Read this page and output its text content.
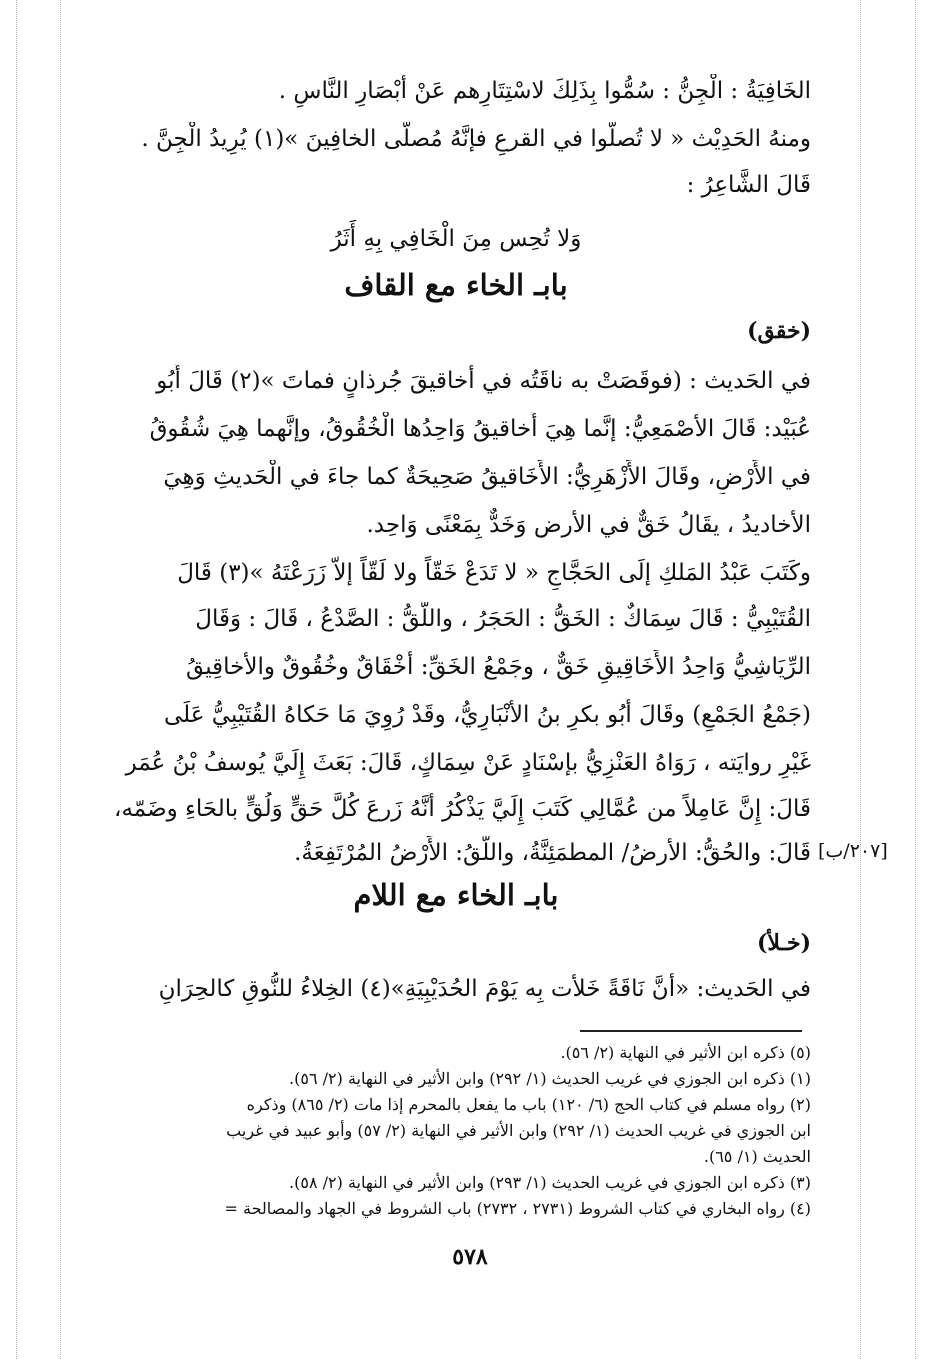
الخَافِيَةُ : الْجِنُّ : سُمُّوا بِذَلِكَ لاسْتِتَارِهم عَنْ أَبْصَارِ النَّاسِ .
ومنهُ الحَدِيْث « لا تُصلُّوا في القرعِ فإنَّهُ مُصلَّى الخافِينَ »(١) يُرِيدُ الْجِنَّ .
قَالَ الشَّاعِرُ :
وَلا تُحِس مِنَ الْخَافِي بِهِ أَثَرُ
بابـ الخاء مع القاف
(خقق)
في الحَديث : (فوقَصَتْ به ناقَتُه في أخاقيقَ جُرذانٍ فماتَ »(٢) قَالَ أَبُو
عُبَيْد: قَالَ الأصْمَعِيُّ: إنَّما هِيَ أَخاقيقُ وَاحِدُها الْخُقُوقُ، وإنَّهما هِيَ شُقُوقُ
في الأَرْضِ، وقَالَ الأَزْهَرِيُّ: الأَخَاقيقُ صَحِيحَةٌ كما جاءَ في الْحَديثِ وَهِيَ
الأخاديدُ ، يقَالُ خَقٌّ في الأرض وَخَدٌّ بِمَعْنًى وَاحِد.
وكَتَبَ عَبْدُ المَلكِ إلَى الحَجَّاجِ « لا تَدَعْ خَقّاً ولا لَقّاً إلاّ زَرَعْتَهُ »(٣) قَالَ
القُتَيْبِيُّ : قَالَ سِمَاكٌ : الخَقُّ : الحَجَرُ ، واللَّقُّ : الصَّدْعُ ، قَالَ : وَقَالَ
الرِّيَاشِيُّ وَاحِدُ الأَخَاقِيقِ خَقٌّ ، وجَمْعُ الخَقِّ: أَخْقَاقٌ وخُقُوقٌ والأخاقِيقُ
(جَمْعُ الجَمْعِ) وقَالَ أَبُو بكرِ بنُ الأنْبَارِيُّ، وقَدْ رُوِيَ مَا حَكاهُ القُتَيْبِيُّ عَلَى
غَيْرِ روايَته ، رَوَاهُ العَنْزِيُّ بإسْنَادٍ عَنْ سِمَاكٍ، قَالَ: بَعَثَ إِلَيَّ يُوسفُ بْنُ عُمَر
قَالَ: إِنَّ عَامِلاً من عُمَّالِي كَتَبَ إِلَيَّ يَذْكُرُ أَنَّهُ زَرعَ كُلَّ حَقٍّ وَلُقٍّ بالحَاءِ وضَمّه،
قَالَ: والحُقُّ: الأرضُ/ المطمَئِنَّةُ، واللُّقُ: الأَرْضُ المُرْتَفِعَةُ. [٢٠٧/ب]
بابـ الخاء مع اللام
(خـلأ)
في الحَديث: «أنَّ نَاقَةً خَلأت بِه يَوْمَ الحُدَيْبِيَةِ»(٤) الخِلاءُ للنُّوقِ كالحِرَانِ
(٥) ذكره ابن الأثير في النهاية (٢/ ٥٦).
(١) ذكره ابن الجوزي في غريب الحديث (١/ ٢٩٢) وابن الأثير في النهاية (٢/ ٥٦).
(٢) رواه مسلم في كتاب الحج (٦/ ١٢٠) باب ما يفعل بالمحرم إذا مات (٢/ ٨٦٥) وذكره
ابن الجوزي في غريب الحديث (١/ ٢٩٢) وابن الأثير في النهاية (٢/ ٥٧) وأبو عبيد في غريب
الحديث (١/ ٦٥).
(٣) ذكره ابن الجوزي في غريب الحديث (١/ ٢٩٣) وابن الأثير في النهاية (٢/ ٥٨).
(٤) رواه البخاري في كتاب الشروط (٢٧٣١ ، ٢٧٣٢) باب الشروط في الجهاد والمصالحة =
٥٧٨
